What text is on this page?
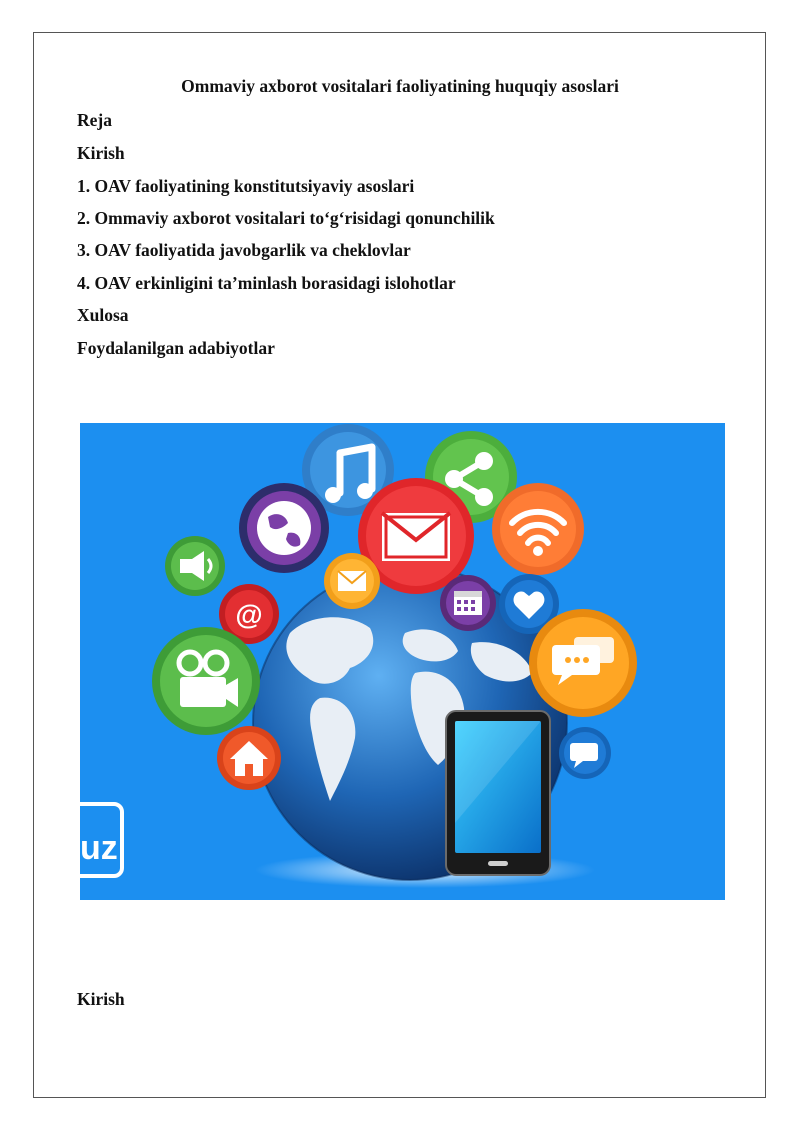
Ommaviy axborot vositalari faoliyatining huquqiy asoslari
Reja
Kirish
1. OAV faoliyatining konstitutsiyaviy asoslari
2. Ommaviy axborot vositalari to‘g‘risidagi qonunchilik
3. OAV faoliyatida javobgarlik va cheklovlar
4. OAV erkinligini ta’minlash borasidagi islohotlar
Xulosa
Foydalanilgan adabiyotlar
@
uz
Kirish
